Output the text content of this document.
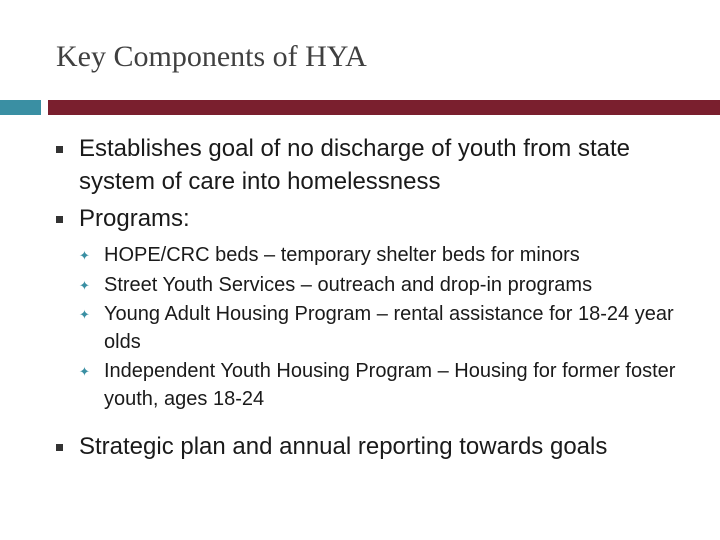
Key Components of HYA
Establishes goal of no discharge of youth from state system of care into homelessness
Programs:
✦ HOPE/CRC beds – temporary shelter beds for minors
✦ Street Youth Services – outreach and drop-in programs
✦ Young Adult Housing Program – rental assistance for 18-24 year olds
✦ Independent Youth Housing Program – Housing for former foster youth, ages 18-24
Strategic plan and annual reporting towards goals
